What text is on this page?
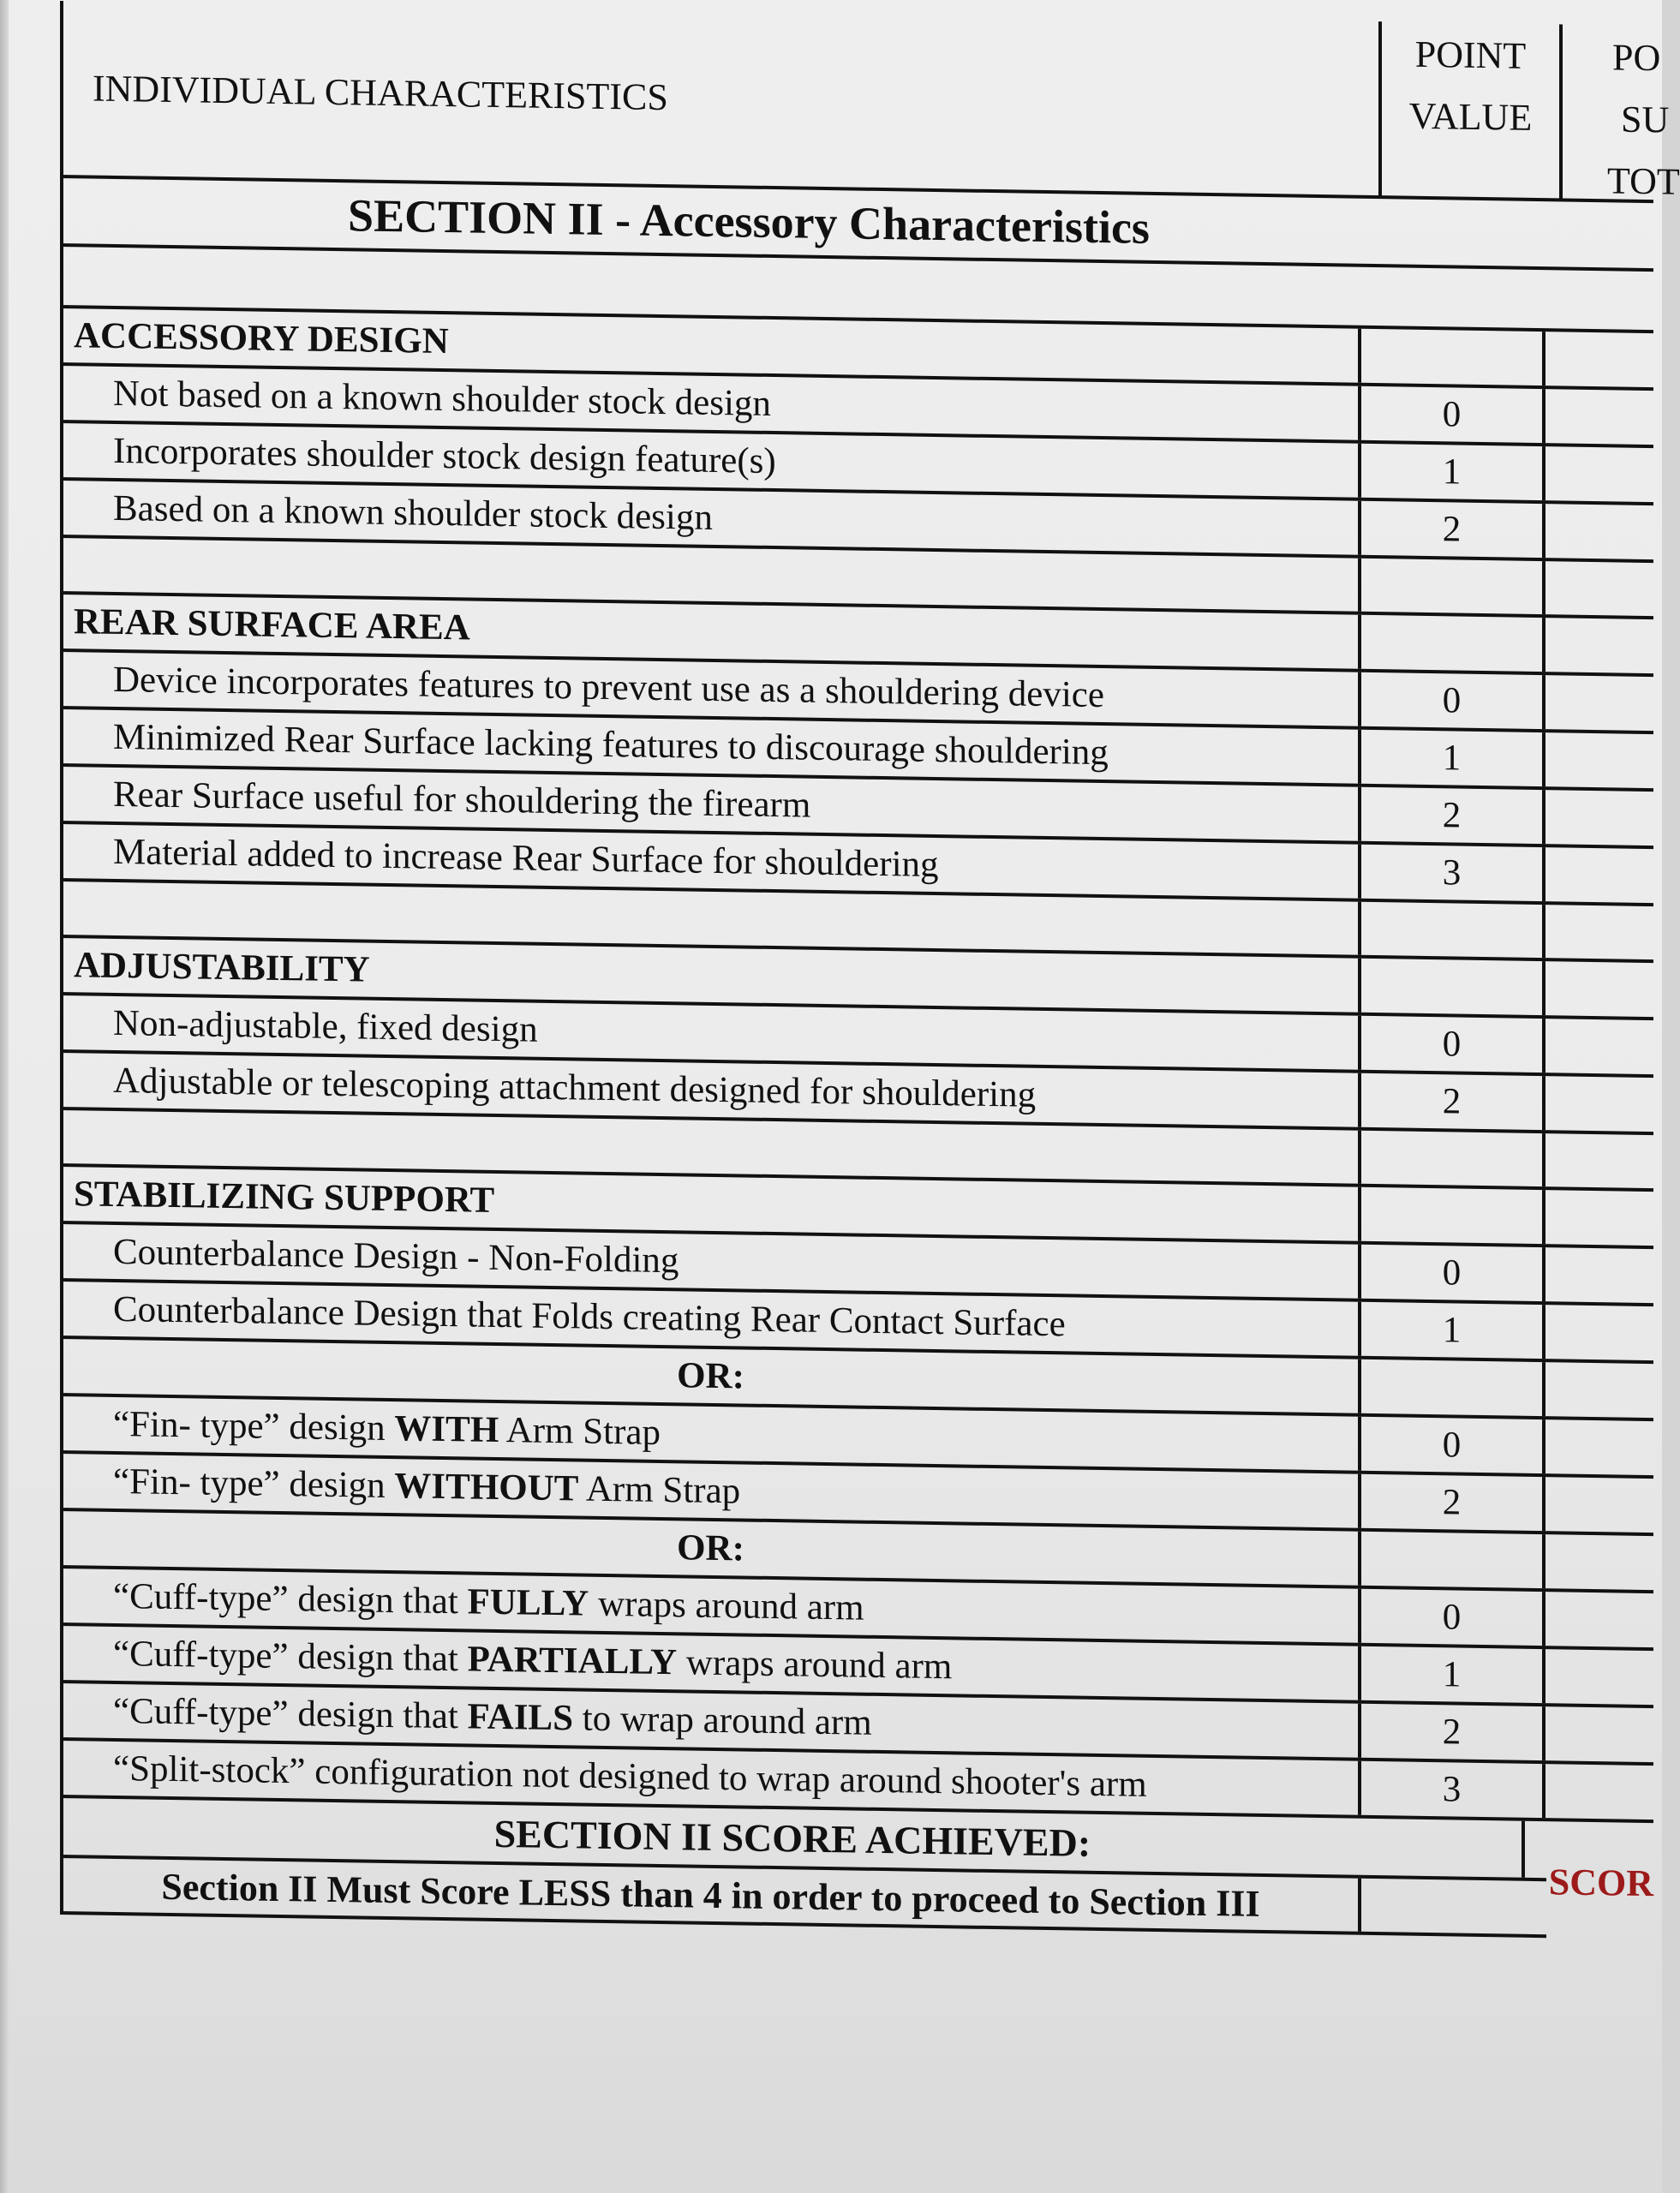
INDIVIDUAL CHARACTERISTICS
POINT
VALUE
PO
SU
TOT
SECTION II - Accessory Characteristics
ACCESSORY DESIGN
Not based on a known shoulder stock design	0
Incorporates shoulder stock design feature(s)	1
Based on a known shoulder stock design	2
REAR SURFACE AREA
Device incorporates features to prevent use as a shouldering device	0
Minimized Rear Surface lacking features to discourage shouldering	1
Rear Surface useful for shouldering the firearm	2
Material added to increase Rear Surface for shouldering	3
ADJUSTABILITY
Non-adjustable, fixed design	0
Adjustable or telescoping attachment designed for shouldering	2
STABILIZING SUPPORT
Counterbalance Design - Non-Folding	0
Counterbalance Design that Folds creating Rear Contact Surface	1
OR:
“Fin- type” design WITH Arm Strap	0
“Fin- type” design WITHOUT Arm Strap	2
OR:
“Cuff-type” design that FULLY wraps around arm	0
“Cuff-type” design that PARTIALLY wraps around arm	1
“Cuff-type” design that FAILS to wrap around arm	2
“Split-stock” configuration not designed to wrap around shooter's arm	3
SECTION II SCORE ACHIEVED:
SCOR
Section II Must Score LESS than 4 in order to proceed to Section III
